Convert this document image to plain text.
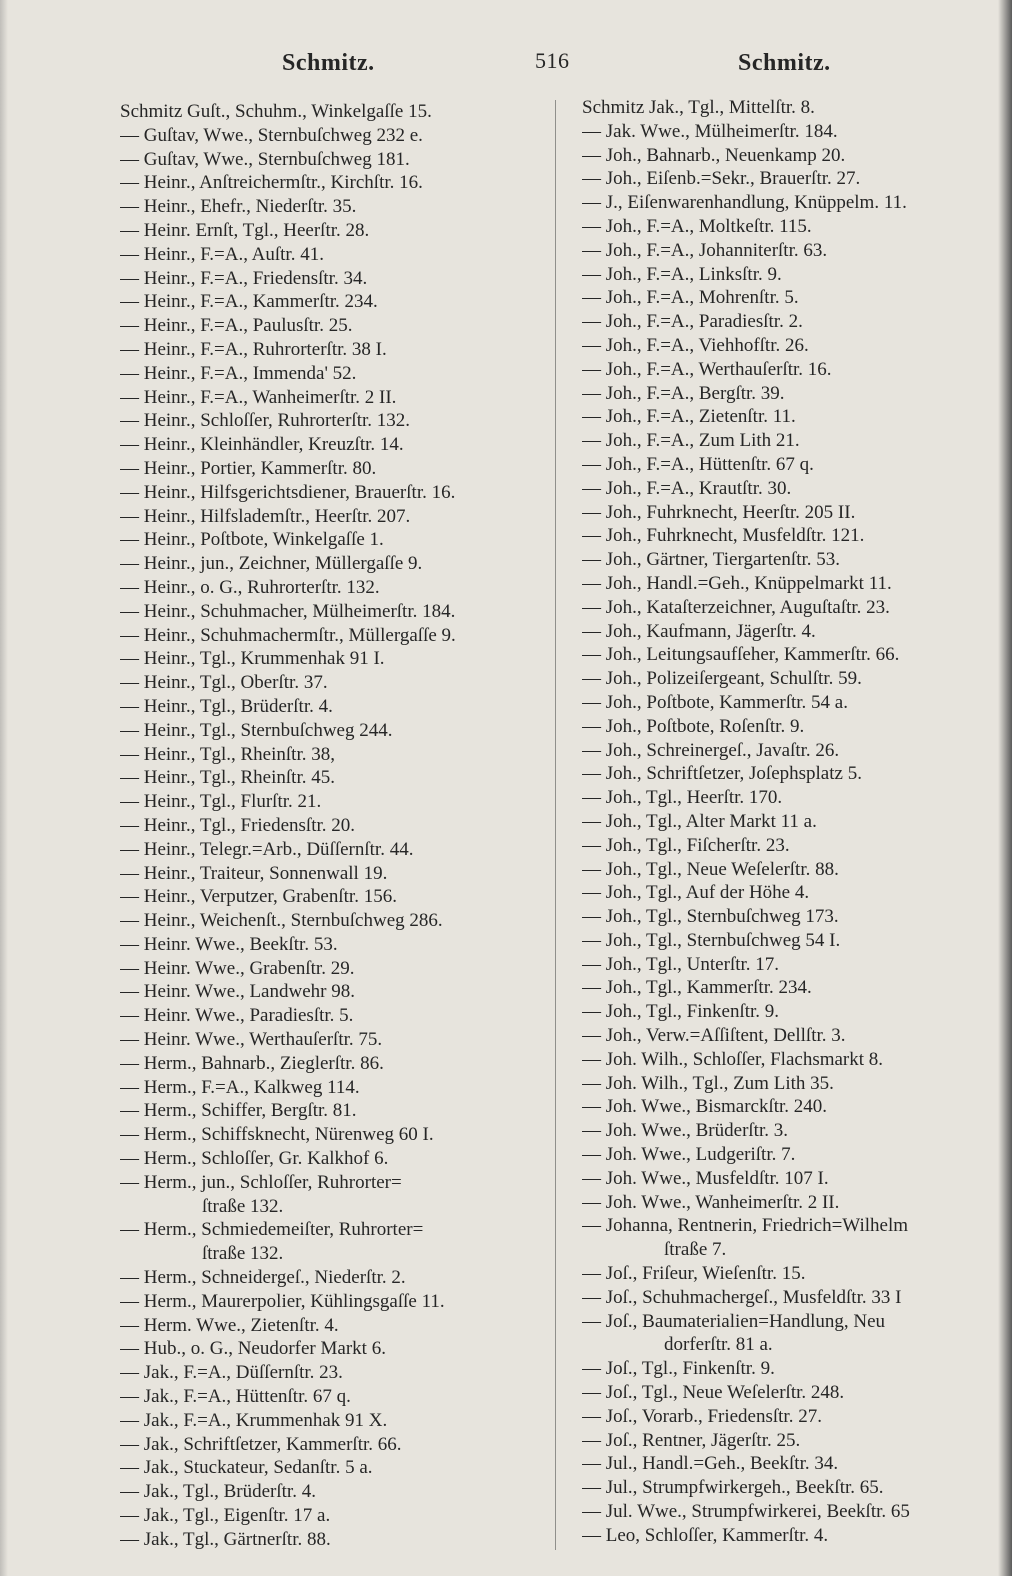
Schmitz.	516	Schmitz.
Schmitz Guſt., Schuhm., Winkelgaſſe 15.
— Guſtav, Wwe., Sternbuſchweg 232 e.
— Guſtav, Wwe., Sternbuſchweg 181.
— Heinr., Anſtreichermſtr., Kirchſtr. 16.
— Heinr., Ehefr., Niederſtr. 35.
— Heinr. Ernſt, Tgl., Heerſtr. 28.
— Heinr., F.=A., Auſtr. 41.
— Heinr., F.=A., Friedensſtr. 34.
— Heinr., F.=A., Kammerſtr. 234.
— Heinr., F.=A., Paulusſtr. 25.
— Heinr., F.=A., Ruhrorterſtr. 38 I.
— Heinr., F.=A., Immenda' 52.
— Heinr., F.=A., Wanheimerſtr. 2 II.
— Heinr., Schloſſer, Ruhrorterſtr. 132.
— Heinr., Kleinhändler, Kreuzſtr. 14.
— Heinr., Portier, Kammerſtr. 80.
— Heinr., Hilfsgerichtsdiener, Brauerſtr. 16.
— Heinr., Hilfslademſtr., Heerſtr. 207.
— Heinr., Poſtbote, Winkelgaſſe 1.
— Heinr., jun., Zeichner, Müllergaſſe 9.
— Heinr., o. G., Ruhrorterſtr. 132.
— Heinr., Schuhmacher, Mülheimerſtr. 184.
— Heinr., Schuhmachermſtr., Müllergaſſe 9.
— Heinr., Tgl., Krummenhak 91 I.
— Heinr., Tgl., Oberſtr. 37.
— Heinr., Tgl., Brüderſtr. 4.
— Heinr., Tgl., Sternbuſchweg 244.
— Heinr., Tgl., Rheinſtr. 38,
— Heinr., Tgl., Rheinſtr. 45.
— Heinr., Tgl., Flurſtr. 21.
— Heinr., Tgl., Friedensſtr. 20.
— Heinr., Telegr.=Arb., Düſſernſtr. 44.
— Heinr., Traiteur, Sonnenwall 19.
— Heinr., Verputzer, Grabenſtr. 156.
— Heinr., Weichenſt., Sternbuſchweg 286.
— Heinr. Wwe., Beekſtr. 53.
— Heinr. Wwe., Grabenſtr. 29.
— Heinr. Wwe., Landwehr 98.
— Heinr. Wwe., Paradiesſtr. 5.
— Heinr. Wwe., Werthauſerſtr. 75.
— Herm., Bahnarb., Zieglerſtr. 86.
— Herm., F.=A., Kalkweg 114.
— Herm., Schiffer, Bergſtr. 81.
— Herm., Schiffsknecht, Nürenweg 60 I.
— Herm., Schloſſer, Gr. Kalkhof 6.
— Herm., jun., Schloſſer, Ruhrorter=
ſtraße 132.
— Herm., Schmiedemeiſter, Ruhrorter=
ſtraße 132.
— Herm., Schneidergeſ., Niederſtr. 2.
— Herm., Maurerpolier, Kühlingsgaſſe 11.
— Herm. Wwe., Zietenſtr. 4.
— Hub., o. G., Neudorfer Markt 6.
— Jak., F.=A., Düſſernſtr. 23.
— Jak., F.=A., Hüttenſtr. 67 q.
— Jak., F.=A., Krummenhak 91 X.
— Jak., Schriftſetzer, Kammerſtr. 66.
— Jak., Stuckateur, Sedanſtr. 5 a.
— Jak., Tgl., Brüderſtr. 4.
— Jak., Tgl., Eigenſtr. 17 a.
— Jak., Tgl., Gärtnerſtr. 88.
Schmitz Jak., Tgl., Mittelſtr. 8.
— Jak. Wwe., Mülheimerſtr. 184.
— Joh., Bahnarb., Neuenkamp 20.
— Joh., Eiſenb.=Sekr., Brauerſtr. 27.
— J., Eiſenwarenhandlung, Knüppelm. 11.
— Joh., F.=A., Moltkeſtr. 115.
— Joh., F.=A., Johanniterſtr. 63.
— Joh., F.=A., Linksſtr. 9.
— Joh., F.=A., Mohrenſtr. 5.
— Joh., F.=A., Paradiesſtr. 2.
— Joh., F.=A., Viehhofſtr. 26.
— Joh., F.=A., Werthauſerſtr. 16.
— Joh., F.=A., Bergſtr. 39.
— Joh., F.=A., Zietenſtr. 11.
— Joh., F.=A., Zum Lith 21.
— Joh., F.=A., Hüttenſtr. 67 q.
— Joh., F.=A., Krautſtr. 30.
— Joh., Fuhrknecht, Heerſtr. 205 II.
— Joh., Fuhrknecht, Musfeldſtr. 121.
— Joh., Gärtner, Tiergartenſtr. 53.
— Joh., Handl.=Geh., Knüppelmarkt 11.
— Joh., Kataſterzeichner, Auguſtaſtr. 23.
— Joh., Kaufmann, Jägerſtr. 4.
— Joh., Leitungsaufſeher, Kammerſtr. 66.
— Joh., Polizeiſergeant, Schulſtr. 59.
— Joh., Poſtbote, Kammerſtr. 54 a.
— Joh., Poſtbote, Roſenſtr. 9.
— Joh., Schreinergeſ., Javaſtr. 26.
— Joh., Schriftſetzer, Joſephsplatz 5.
— Joh., Tgl., Heerſtr. 170.
— Joh., Tgl., Alter Markt 11 a.
— Joh., Tgl., Fiſcherſtr. 23.
— Joh., Tgl., Neue Weſelerſtr. 88.
— Joh., Tgl., Auf der Höhe 4.
— Joh., Tgl., Sternbuſchweg 173.
— Joh., Tgl., Sternbuſchweg 54 I.
— Joh., Tgl., Unterſtr. 17.
— Joh., Tgl., Kammerſtr. 234.
— Joh., Tgl., Finkenſtr. 9.
— Joh., Verw.=Aſſiſtent, Dellſtr. 3.
— Joh. Wilh., Schloſſer, Flachsmarkt 8.
— Joh. Wilh., Tgl., Zum Lith 35.
— Joh. Wwe., Bismarckſtr. 240.
— Joh. Wwe., Brüderſtr. 3.
— Joh. Wwe., Ludgeriſtr. 7.
— Joh. Wwe., Musfeldſtr. 107 I.
— Joh. Wwe., Wanheimerſtr. 2 II.
— Johanna, Rentnerin, Friedrich=Wilhelm
ſtraße 7.
— Joſ., Friſeur, Wieſenſtr. 15.
— Joſ., Schuhmachergeſ., Musfeldſtr. 33 I
— Joſ., Baumaterialien=Handlung, Neu
dorferſtr. 81 a.
— Joſ., Tgl., Finkenſtr. 9.
— Joſ., Tgl., Neue Weſelerſtr. 248.
— Joſ., Vorarb., Friedensſtr. 27.
— Joſ., Rentner, Jägerſtr. 25.
— Jul., Handl.=Geh., Beekſtr. 34.
— Jul., Strumpfwirkergeh., Beekſtr. 65.
— Jul. Wwe., Strumpfwirkerei, Beekſtr. 65
— Leo, Schloſſer, Kammerſtr. 4.
